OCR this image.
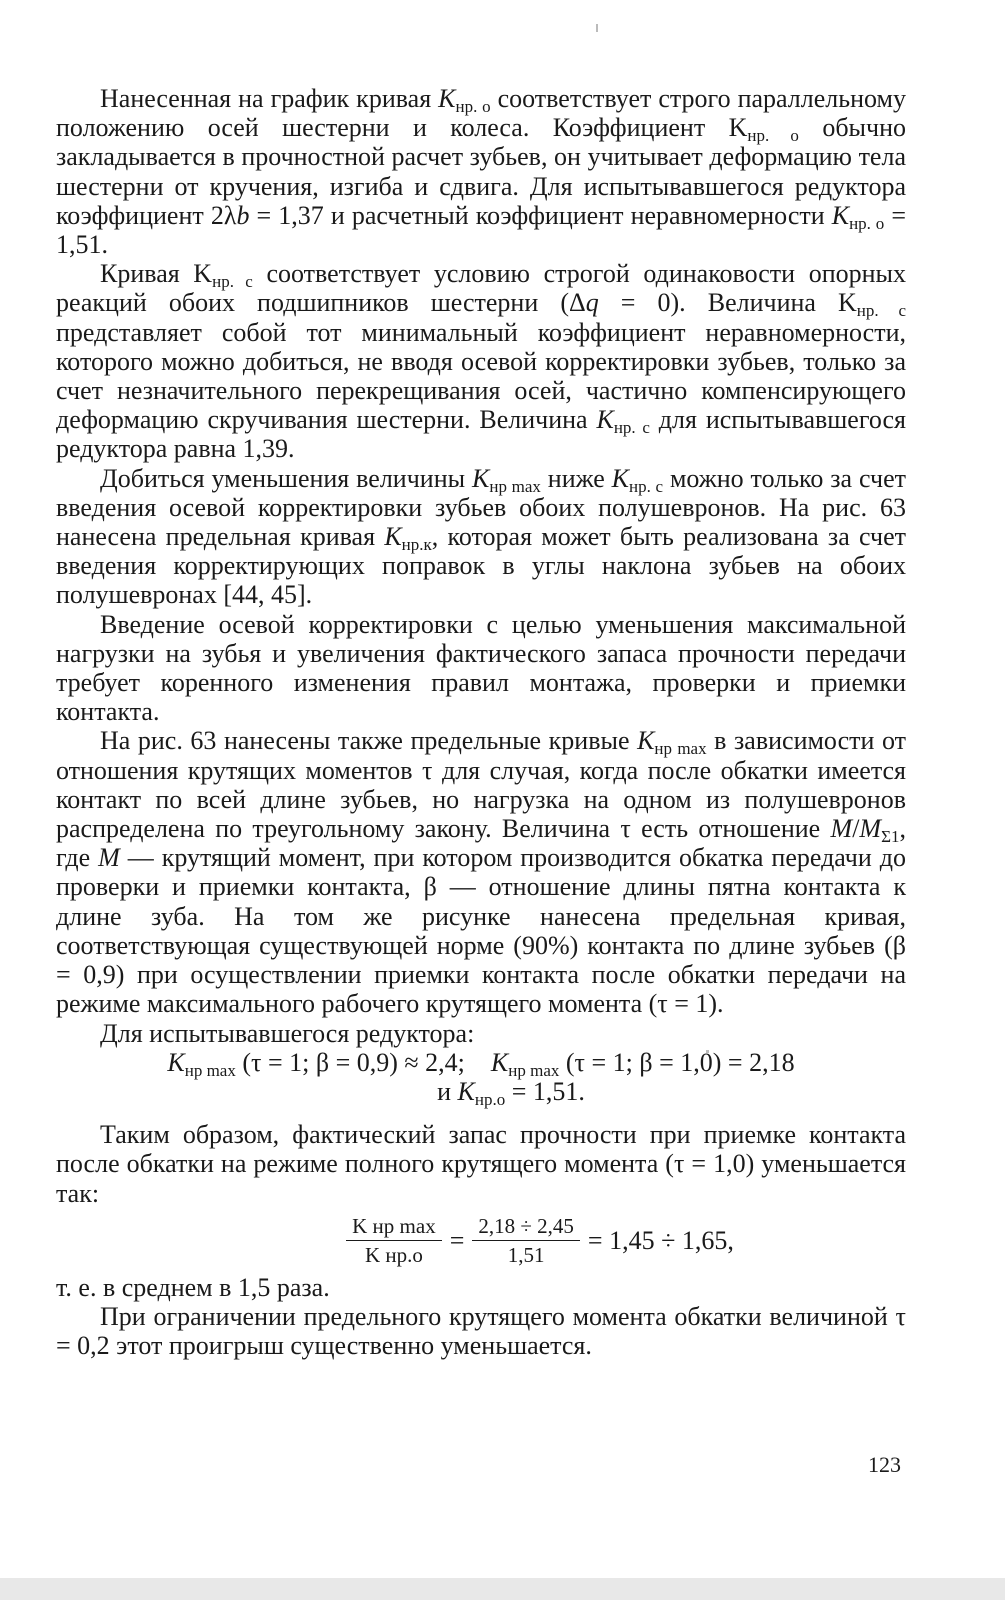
Нанесенная на график кривая $K_{нр. о}$ соответствует строго параллельному положению осей шестерни и колеса. Коэффициент $K_{нр. о}$ обычно закладывается в прочностной расчет зубьев, он учитывает деформацию тела шестерни от кручения, изгиба и сдвига. Для испытывавшегося редуктора коэффициент 2λb = 1,37 и расчетный коэффициент неравномерности $K_{нр. о} = 1,51$.

Кривая $K_{нр. с}$ соответствует условию строгой одинаковости опорных реакций обоих подшипников шестерни (Δq = 0). Величина $K_{нр. с}$ представляет собой тот минимальный коэффициент неравномерности, которого можно добиться, не вводя осевой корректировки зубьев, только за счет незначительного перекрещивания осей, частично компенсирующего деформацию скручивания шестерни. Величина $K_{нр. с}$ для испытывавшегося редуктора равна 1,39.

Добиться уменьшения величины $K_{нр max}$ ниже $K_{нр. с}$ можно только за счет введения осевой корректировки зубьев обоих полушевронов. На рис. 63 нанесена предельная кривая $K_{нр.к}$, которая может быть реализована за счет введения корректирующих поправок в углы наклона зубьев на обоих полушевронах [44, 45].

Введение осевой корректировки с целью уменьшения максимальной нагрузки на зубья и увеличения фактического запаса прочности передачи требует коренного изменения правил монтажа, проверки и приемки контакта.

На рис. 63 нанесены также предельные кривые $K_{нр max}$ в зависимости от отношения крутящих моментов τ для случая, когда после обкатки имеется контакт по всей длине зубьев, но нагрузка на одном из полушевронов распределена по треугольному закону. Величина τ есть отношение $M/M_{\Sigma 1}$, где M — крутящий момент, при котором производится обкатка передачи до проверки и приемки контакта, β — отношение длины пятна контакта к длине зуба. На том же рисунке нанесена предельная кривая, соответствующая существующей норме (90%) контакта по длине зубьев (β = 0,9) при осуществлении приемки контакта после обкатки передачи на режиме максимального рабочего крутящего момента (τ = 1).

Для испытывавшегося редуктора:

$K_{нр max}$ (τ = 1; β = 0,9) ≈ 2,4;    $K_{нр max}$ (τ = 1; β = 1,0) = 2,18

и $K_{нр.о} = 1,51$.

Таким образом, фактический запас прочности при приемке контакта после обкатки на режиме полного крутящего момента (τ = 1,0) уменьшается так:

$\frac{\text{K нр max}}{\text{K нр.о}} = \frac{2,18 \div 2,45}{1,51} = 1,45 \div 1,65$,

т. е. в среднем в 1,5 раза.

При ограничении предельного крутящего момента обкатки величиной τ = 0,2 этот проигрыш существенно уменьшается.

123
